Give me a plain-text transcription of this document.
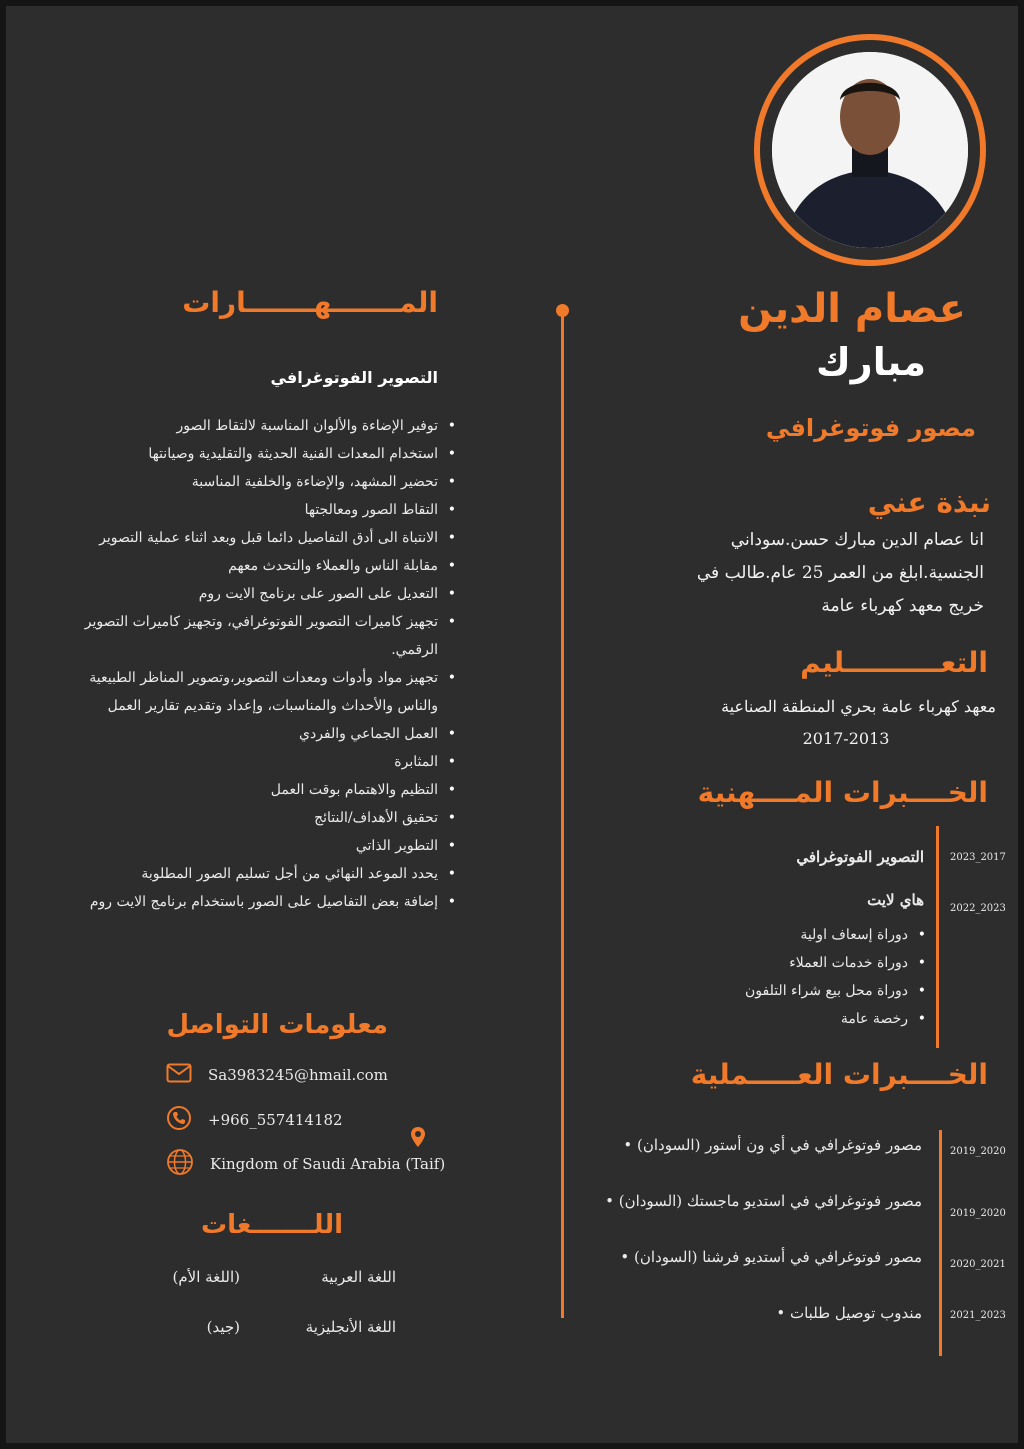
عصام الدين
مبارك
مصور فوتوغرافي
نبذة عني
انا عصام الدين مبارك حسن.سوداني
الجنسية.ابلغ من العمر 25 عام.طالب في
خريج معهد كهرباء عامة
التعــــــــــليم
معهد كهرباء عامة بحري المنطقة الصناعية
2017-2013
الخــــبرات المــــهنية
2023_2017
التصوير الفوتوغرافي
2022_2023
هاي لايت
• دوراة إسعاف اولية
• دوراة خدمات العملاء
• دوراة محل بيع شراء التلفون
• رخصة عامة
الخــــبرات العـــــملية
2019_2020
مصور فوتوغرافي في أي ون أستور (السودان) •
2019_2020
مصور فوتوغرافي في استديو ماجستك (السودان) •
2020_2021
مصور فوتوغرافي في أستديو فرشنا (السودان) •
2021_2023
مندوب توصيل طلبات •
المـــــــهـــــــارات
التصوير الفوتوغرافي
• توفير الإضاءة والألوان المناسبة لالتقاط الصور
• استخدام المعدات الفنية الحديثة والتقليدية وصيانتها
• تحضير المشهد، والإضاءة والخلفية المناسبة
• التقاط الصور ومعالجتها
• الانتباة الى أدق التفاصيل دائما قبل وبعد اثناء عملية التصوير
• مقابلة الناس والعملاء والتحدث معهم
• التعديل على الصور على برنامج الايت روم
• تجهيز كاميرات التصوير الفوتوغرافي، وتجهيز كاميرات التصوير الرقمي.
• تجهيز مواد وأدوات ومعدات التصوير،وتصوير المناظر الطبيعية والناس والأحداث والمناسبات، وإعداد وتقديم تقارير العمل
• العمل الجماعي والفردي
• المثابرة
• التظيم والاهتمام بوقت العمل
• تحقيق الأهداف/النتائج
• التطوير الذاتي
• يحدد الموعد النهائي من أجل تسليم الصور المطلوبة
• إضافة بعض التفاصيل على الصور باستخدام برنامج الايت روم
معلومات التواصل
Sa3983245@hmail.com
+966_557414182
Kingdom of Saudi Arabia (Taif)
اللـــــــغات
اللغة العربية
(اللغة الأم)
اللغة الأنجليزية
(جيد)
